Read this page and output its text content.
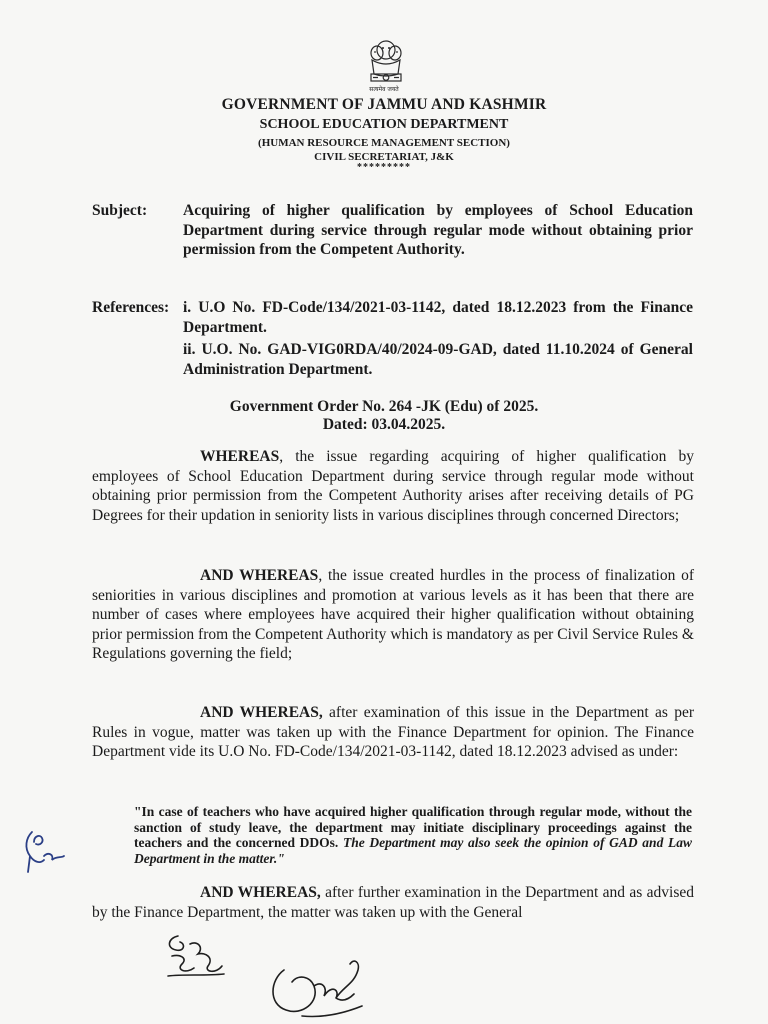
सत्यमेव जयते

GOVERNMENT OF JAMMU AND KASHMIR

SCHOOL EDUCATION DEPARTMENT

(HUMAN RESOURCE MANAGEMENT SECTION)

CIVIL SECRETARIAT, J&K

*********

Subject: Acquiring of higher qualification by employees of School Education Department during service through regular mode without obtaining prior permission from the Competent Authority.
References: i. U.O No. FD-Code/134/2021-03-1142, dated 18.12.2023 from the Finance Department.
ii. U.O. No. GAD-VIG0RDA/40/2024-09-GAD, dated 11.10.2024 of General Administration Department.

Government Order No. 264 -JK (Edu) of 2025.

Dated: 03.04.2025.

WHEREAS, the issue regarding acquiring of higher qualification by employees of School Education Department during service through regular mode without obtaining prior permission from the Competent Authority arises after receiving details of PG Degrees for their updation in seniority lists in various disciplines through concerned Directors;
AND WHEREAS, the issue created hurdles in the process of finalization of seniorities in various disciplines and promotion at various levels as it has been that there are number of cases where employees have acquired their higher qualification without obtaining prior permission from the Competent Authority which is mandatory as per Civil Service Rules & Regulations governing the field;
AND WHEREAS, after examination of this issue in the Department as per Rules in vogue, matter was taken up with the Finance Department for opinion. The Finance Department vide its U.O No. FD-Code/134/2021-03-1142, dated 18.12.2023 advised as under:
"In case of teachers who have acquired higher qualification through regular mode, without the sanction of study leave, the department may initiate disciplinary proceedings against the teachers and the concerned DDOs. The Department may also seek the opinion of GAD and Law Department in the matter."
AND WHEREAS, after further examination in the Department and as advised by the Finance Department, the matter was taken up with the General
